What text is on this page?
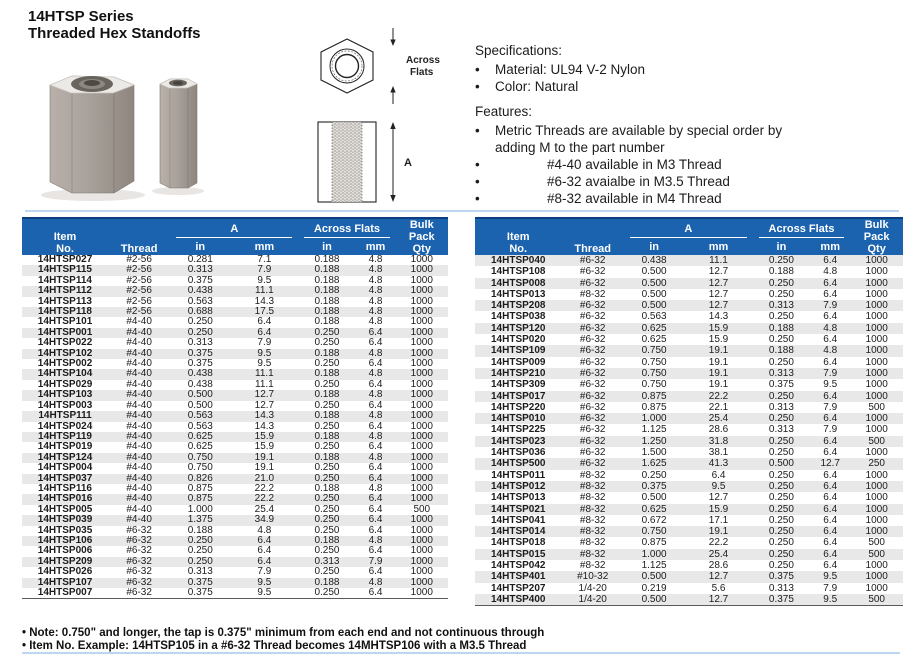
14HTSP Series
Threaded Hex Standoffs
Across
Flats
A

Specifications:

•	Material: UL94 V-2 Nylon
•	Color: Natural

Features:

•	Metric Threads are available by special order by adding M to the part number
•	#4-40 available in M3 Thread
•	#6-32 avaialbe in M3.5 Thread
•	#8-32 available in M4 Thread
Item
No.	Thread	A		Across Flats		Bulk
Pack
Qty
		in	mm	in	mm	
14HTSP027	#2-56	0.281	7.1	0.188	4.8	1000
14HTSP115	#2-56	0.313	7.9	0.188	4.8	1000
14HTSP114	#2-56	0.375	9.5	0.188	4.8	1000
14HTSP112	#2-56	0.438	11.1	0.188	4.8	1000
14HTSP113	#2-56	0.563	14.3	0.188	4.8	1000
14HTSP118	#2-56	0.688	17.5	0.188	4.8	1000
14HTSP101	#4-40	0.250	6.4	0.188	4.8	1000
14HTSP001	#4-40	0.250	6.4	0.250	6.4	1000
14HTSP022	#4-40	0.313	7.9	0.250	6.4	1000
14HTSP102	#4-40	0.375	9.5	0.188	4.8	1000
14HTSP002	#4-40	0.375	9.5	0.250	6.4	1000
14HTSP104	#4-40	0.438	11.1	0.188	4.8	1000
14HTSP029	#4-40	0.438	11.1	0.250	6.4	1000
14HTSP103	#4-40	0.500	12.7	0.188	4.8	1000
14HTSP003	#4-40	0.500	12.7	0.250	6.4	1000
14HTSP111	#4-40	0.563	14.3	0.188	4.8	1000
14HTSP024	#4-40	0.563	14.3	0.250	6.4	1000
14HTSP119	#4-40	0.625	15.9	0.188	4.8	1000
14HTSP019	#4-40	0.625	15.9	0.250	6.4	1000
14HTSP124	#4-40	0.750	19.1	0.188	4.8	1000
14HTSP004	#4-40	0.750	19.1	0.250	6.4	1000
14HTSP037	#4-40	0.826	21.0	0.250	6.4	1000
14HTSP116	#4-40	0.875	22.2	0.188	4.8	1000
14HTSP016	#4-40	0.875	22.2	0.250	6.4	1000
14HTSP005	#4-40	1.000	25.4	0.250	6.4	500
14HTSP039	#4-40	1.375	34.9	0.250	6.4	1000
14HTSP035	#6-32	0.188	4.8	0.250	6.4	1000
14HTSP106	#6-32	0.250	6.4	0.188	4.8	1000
14HTSP006	#6-32	0.250	6.4	0.250	6.4	1000
14HTSP209	#6-32	0.250	6.4	0.313	7.9	1000
14HTSP026	#6-32	0.313	7.9	0.250	6.4	1000
14HTSP107	#6-32	0.375	9.5	0.188	4.8	1000
14HTSP007	#6-32	0.375	9.5	0.250	6.4	1000
Item
No.	Thread	A		Across Flats		Bulk
Pack
Qty
		in	mm	in	mm	
14HTSP040	#6-32	0.438	11.1	0.250	6.4	1000
14HTSP108	#6-32	0.500	12.7	0.188	4.8	1000
14HTSP008	#6-32	0.500	12.7	0.250	6.4	1000
14HTSP013	#8-32	0.500	12.7	0.250	6.4	1000
14HTSP208	#6-32	0.500	12.7	0.313	7.9	1000
14HTSP038	#6-32	0.563	14.3	0.250	6.4	1000
14HTSP120	#6-32	0.625	15.9	0.188	4.8	1000
14HTSP020	#6-32	0.625	15.9	0.250	6.4	1000
14HTSP109	#6-32	0.750	19.1	0.188	4.8	1000
14HTSP009	#6-32	0.750	19.1	0.250	6.4	1000
14HTSP210	#6-32	0.750	19.1	0.313	7.9	1000
14HTSP309	#6-32	0.750	19.1	0.375	9.5	1000
14HTSP017	#6-32	0.875	22.2	0.250	6.4	1000
14HTSP220	#6-32	0.875	22.1	0.313	7.9	500
14HTSP010	#6-32	1.000	25.4	0.250	6.4	1000
14HTSP225	#6-32	1.125	28.6	0.313	7.9	1000
14HTSP023	#6-32	1.250	31.8	0.250	6.4	500
14HTSP036	#6-32	1.500	38.1	0.250	6.4	1000
14HTSP500	#6-32	1.625	41.3	0.500	12.7	250
14HTSP011	#8-32	0.250	6.4	0.250	6.4	1000
14HTSP012	#8-32	0.375	9.5	0.250	6.4	1000
14HTSP013	#8-32	0.500	12.7	0.250	6.4	1000
14HTSP021	#8-32	0.625	15.9	0.250	6.4	1000
14HTSP041	#8-32	0.672	17.1	0.250	6.4	1000
14HTSP014	#8-32	0.750	19.1	0.250	6.4	1000
14HTSP018	#8-32	0.875	22.2	0.250	6.4	500
14HTSP015	#8-32	1.000	25.4	0.250	6.4	500
14HTSP042	#8-32	1.125	28.6	0.250	6.4	1000
14HTSP401	#10-32	0.500	12.7	0.375	9.5	1000
14HTSP207	1/4-20	0.219	5.6	0.313	7.9	1000
14HTSP400	1/4-20	0.500	12.7	0.375	9.5	500
• Note: 0.750" and longer, the tap is 0.375" minimum from each end and not continuous through
• Item No. Example: 14HTSP105 in a #6-32 Thread becomes 14MHTSP106 with a M3.5 Thread
